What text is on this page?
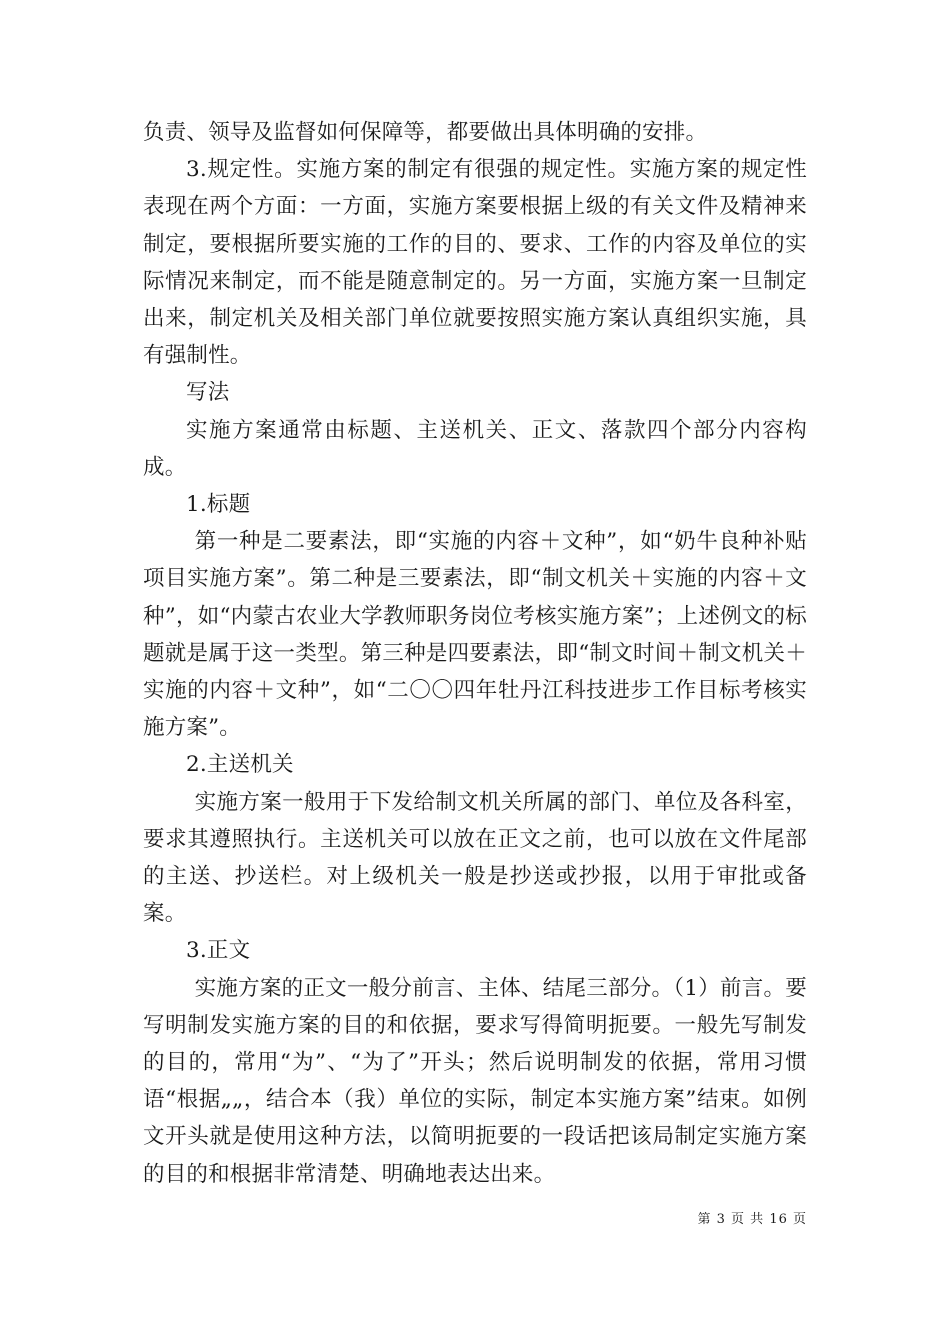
负责、领导及监督如何保障等，都要做出具体明确的安排。

3.规定性。实施方案的制定有很强的规定性。实施方案的规定性表现在两个方面：一方面，实施方案要根据上级的有关文件及精神来制定，要根据所要实施的工作的目的、要求、工作的内容及单位的实际情况来制定，而不能是随意制定的。另一方面，实施方案一旦制定出来，制定机关及相关部门单位就要按照实施方案认真组织实施，具有强制性。

写法

实施方案通常由标题、主送机关、正文、落款四个部分内容构成。

1.标题

第一种是二要素法，即“实施的内容＋文种”，如“奶牛良种补贴项目实施方案”。第二种是三要素法，即“制文机关＋实施的内容＋文种”，如“内蒙古农业大学教师职务岗位考核实施方案”；上述例文的标题就是属于这一类型。第三种是四要素法，即“制文时间＋制文机关＋实施的内容＋文种”，如“二〇〇四年牡丹江科技进步工作目标考核实施方案”。

2.主送机关

实施方案一般用于下发给制文机关所属的部门、单位及各科室，要求其遵照执行。主送机关可以放在正文之前，也可以放在文件尾部的主送、抄送栏。对上级机关一般是抄送或抄报，以用于审批或备案。

3.正文

实施方案的正文一般分前言、主体、结尾三部分。（1）前言。要写明制发实施方案的目的和依据，要求写得简明扼要。一般先写制发的目的，常用“为”、“为了”开头；然后说明制发的依据，常用习惯语“根据„„，结合本（我）单位的实际，制定本实施方案”结束。如例文开头就是使用这种方法，以简明扼要的一段话把该局制定实施方案的目的和根据非常清楚、明确地表达出来。

第 3 页 共 16 页
